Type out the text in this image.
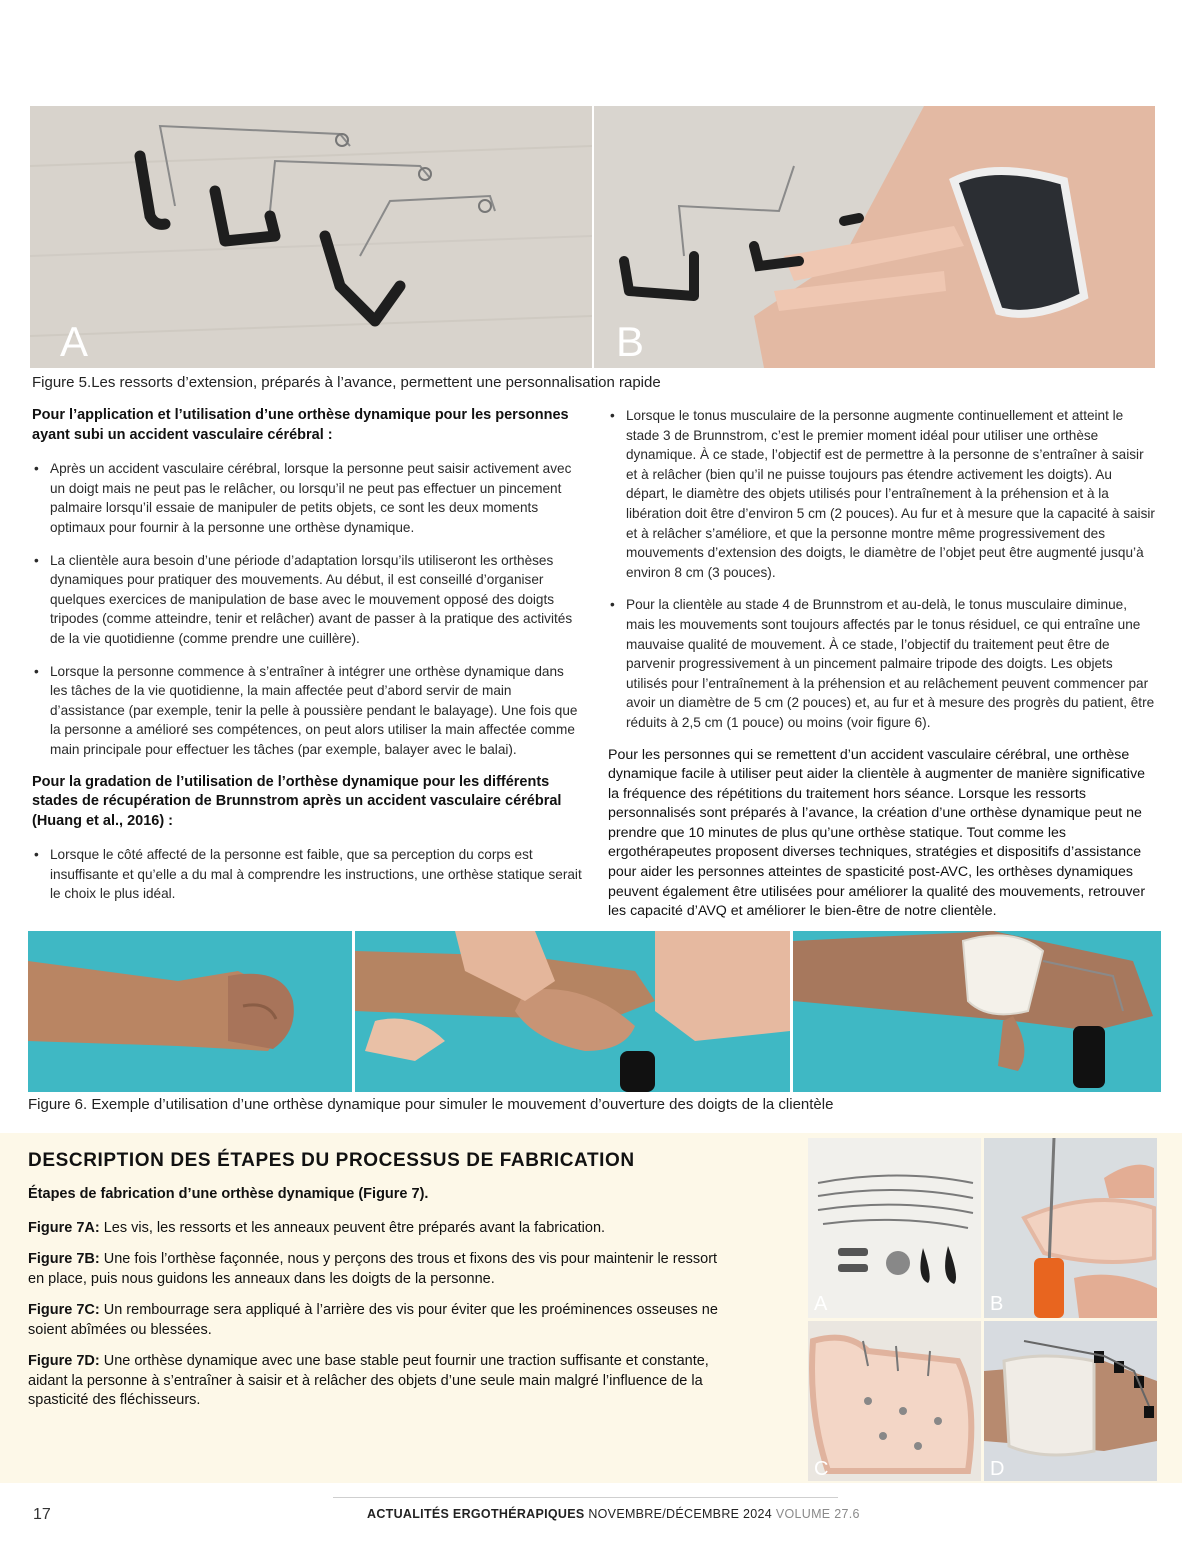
A	B
Figure 5.Les ressorts d’extension, préparés à l’avance, permettent une personnalisation rapide
Pour l’application et l’utilisation d’une orthèse dynamique pour les personnes ayant subi un accident vasculaire cérébral :
• Après un accident vasculaire cérébral, lorsque la personne peut saisir activement avec un doigt mais ne peut pas le relâcher, ou lorsqu’il ne peut pas effectuer un pincement palmaire lorsqu’il essaie de manipuler de petits objets, ce sont les deux moments optimaux pour fournir à la personne une orthèse dynamique.
• La clientèle aura besoin d’une période d’adaptation lorsqu’ils utiliseront les orthèses dynamiques pour pratiquer des mouvements. Au début, il est conseillé d’organiser quelques exercices de manipulation de base avec le mouvement opposé des doigts tripodes (comme atteindre, tenir et relâcher) avant de passer à la pratique des activités de la vie quotidienne (comme prendre une cuillère).
• Lorsque la personne commence à s’entraîner à intégrer une orthèse dynamique dans les tâches de la vie quotidienne, la main affectée peut d’abord servir de main d’assistance (par exemple, tenir la pelle à poussière pendant le balayage). Une fois que la personne a amélioré ses compétences, on peut alors utiliser la main affectée comme main principale pour effectuer les tâches (par exemple, balayer avec le balai).
Pour la gradation de l’utilisation de l’orthèse dynamique pour les différents stades de récupération de Brunnstrom après un accident vasculaire cérébral (Huang et al., 2016) :
• Lorsque le côté affecté de la personne est faible, que sa perception du corps est insuffisante et qu’elle a du mal à comprendre les instructions, une orthèse statique serait le choix le plus idéal.
• Lorsque le tonus musculaire de la personne augmente continuellement et atteint le stade 3 de Brunnstrom, c’est le premier moment idéal pour utiliser une orthèse dynamique. À ce stade, l’objectif est de permettre à la personne de s’entraîner à saisir et à relâcher (bien qu’il ne puisse toujours pas étendre activement les doigts). Au départ, le diamètre des objets utilisés pour l’entraînement à la préhension et à la libération doit être d’environ 5 cm (2 pouces). Au fur et à mesure que la capacité à saisir et à relâcher s’améliore, et que la personne montre même progressivement des mouvements d’extension des doigts, le diamètre de l’objet peut être augmenté jusqu’à environ 8 cm (3 pouces).
• Pour la clientèle au stade 4 de Brunnstrom et au-delà, le tonus musculaire diminue, mais les mouvements sont toujours affectés par le tonus résiduel, ce qui entraîne une mauvaise qualité de mouvement. À ce stade, l’objectif du traitement peut être de parvenir progressivement à un pincement palmaire tripode des doigts. Les objets utilisés pour l’entraînement à la préhension et au relâchement peuvent commencer par avoir un diamètre de 5 cm (2 pouces) et, au fur et à mesure des progrès du patient, être réduits à 2,5 cm (1 pouce) ou moins (voir figure 6).

Pour les personnes qui se remettent d’un accident vasculaire cérébral, une orthèse dynamique facile à utiliser peut aider la clientèle à augmenter de manière significative la fréquence des répétitions du traitement hors séance. Lorsque les ressorts personnalisés sont préparés à l’avance, la création d’une orthèse dynamique peut ne prendre que 10 minutes de plus qu’une orthèse statique. Tout comme les ergothérapeutes proposent diverses techniques, stratégies et dispositifs d’assistance pour aider les personnes atteintes de spasticité post-AVC, les orthèses dynamiques peuvent également être utilisées pour améliorer la qualité des mouvements, retrouver les capacité d’AVQ et améliorer le bien-être de notre clientèle.

Figure 6. Exemple d’utilisation d’une orthèse dynamique pour simuler le mouvement d’ouverture des doigts de la clientèle
DESCRIPTION DES ÉTAPES DU PROCESSUS DE FABRICATION

Étapes de fabrication d’une orthèse dynamique (Figure 7).

Figure 7A: Les vis, les ressorts et les anneaux peuvent être préparés avant la fabrication.

Figure 7B: Une fois l’orthèse façonnée, nous y perçons des trous et fixons des vis pour maintenir le ressort en place, puis nous guidons les anneaux dans les doigts de la personne.

Figure 7C: Un rembourrage sera appliqué à l’arrière des vis pour éviter que les proéminences osseuses ne soient abîmées ou blessées.

Figure 7D: Une orthèse dynamique avec une base stable peut fournir une traction suffisante et constante, aidant la personne à s’entraîner à saisir et à relâcher des objets d’une seule main malgré l’influence de la spasticité des fléchisseurs.

A	B
C	D
17	ACTUALITÉS ERGOTHÉRAPIQUES NOVEMBRE/DÉCEMBRE 2024 VOLUME 27.6
